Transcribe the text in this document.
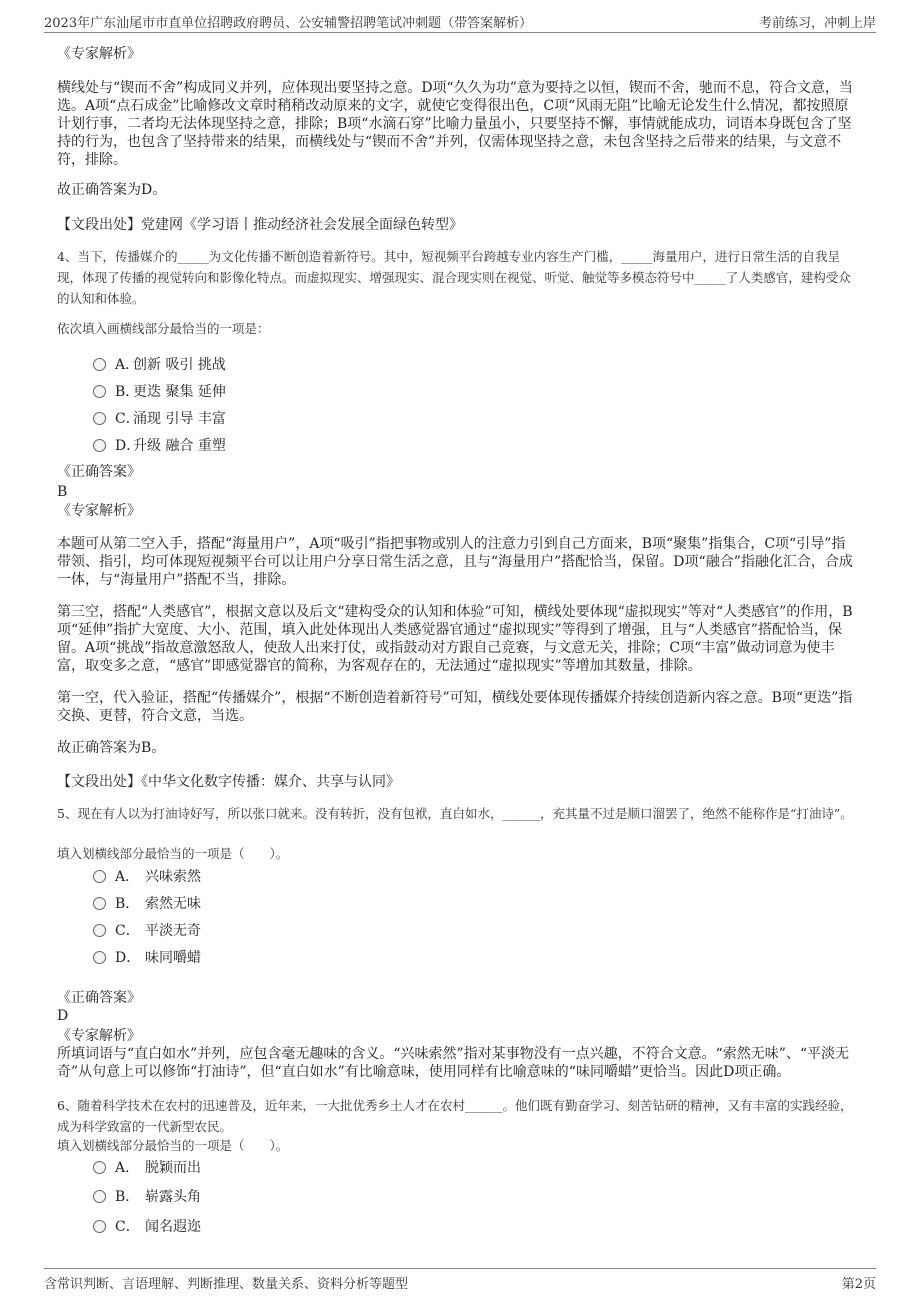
2023年广东汕尾市市直单位招聘政府聘员、公安辅警招聘笔试冲刺题（带答案解析）	考前练习，冲刺上岸
《专家解析》
横线处与“锲而不舍”构成同义并列，应体现出要坚持之意。D项“久久为功”意为要持之以恒，锲而不舍，驰而不息，符合文意，当选。A项“点石成金”比喻修改文章时稍稍改动原来的文字，就使它变得很出色，C项“风雨无阻”比喻无论发生什么情况，都按照原计划行事，二者均无法体现坚持之意，排除；B项“水滴石穿”比喻力量虽小，只要坚持不懈，事情就能成功，词语本身既包含了坚持的行为，也包含了坚持带来的结果，而横线处与“锲而不舍”并列，仅需体现坚持之意，未包含坚持之后带来的结果，与文意不符，排除。
故正确答案为D。
【文段出处】党建网《学习语丨推动经济社会发展全面绿色转型》
4、当下，传播媒介的_____为文化传播不断创造着新符号。其中，短视频平台跨越专业内容生产门槛，_____海量用户，进行日常生活的自我呈现，体现了传播的视觉转向和影像化特点。而虚拟现实、增强现实、混合现实则在视觉、听觉、触觉等多模态符号中_____了人类感官，建构受众的认知和体验。
依次填入画横线部分最恰当的一项是：
A．创新 吸引 挑战
B．更迭 聚集 延伸
C．涌现 引导 丰富
D．升级 融合 重塑
《正确答案》
B
《专家解析》
本题可从第二空入手，搭配“海量用户”，A项“吸引”指把事物或别人的注意力引到自己方面来，B项“聚集”指集合，C项“引导”指带领、指引，均可体现短视频平台可以让用户分享日常生活之意，且与“海量用户”搭配恰当，保留。D项“融合”指融化汇合，合成一体，与“海量用户”搭配不当，排除。
第三空，搭配“人类感官”，根据文意以及后文“建构受众的认知和体验”可知，横线处要体现“虚拟现实”等对“人类感官”的作用，B项“延伸”指扩大宽度、大小、范围，填入此处体现出人类感觉器官通过“虚拟现实”等得到了增强，且与“人类感官”搭配恰当，保留。A项“挑战”指故意激怒敌人，使敌人出来打仗，或指鼓动对方跟自己竞赛，与文意无关，排除；C项“丰富”做动词意为使丰富，取变多之意，“感官”即感觉器官的简称，为客观存在的，无法通过“虚拟现实”等增加其数量，排除。
第一空，代入验证，搭配“传播媒介”，根据“不断创造着新符号”可知，横线处要体现传播媒介持续创造新内容之意。B项“更迭”指交换、更替，符合文意，当选。
故正确答案为B。
【文段出处】《中华文化数字传播：媒介、共享与认同》
5、现在有人以为打油诗好写，所以张口就来。没有转折，没有包袱，直白如水，______，充其量不过是顺口溜罢了，绝然不能称作是“打油诗”。
填入划横线部分最恰当的一项是（　　）。
A． 兴味索然
B． 索然无味
C． 平淡无奇
D． 味同嚼蜡
《正确答案》
D
《专家解析》
所填词语与“直白如水”并列，应包含毫无趣味的含义。“兴味索然”指对某事物没有一点兴趣，不符合文意。“索然无味”、“平淡无奇”从句意上可以修饰“打油诗”，但“直白如水”有比喻意味，使用同样有比喻意味的“味同嚼蜡”更恰当。因此D项正确。
6、随着科学技术在农村的迅速普及，近年来，一大批优秀乡土人才在农村______。他们既有勤奋学习、刻苦钻研的精神，又有丰富的实践经验，成为科学致富的一代新型农民。
填入划横线部分最恰当的一项是（　　）。
A． 脱颖而出
B． 崭露头角
C． 闻名遐迩
含常识判断、言语理解、判断推理、数量关系、资料分析等题型	第2页
